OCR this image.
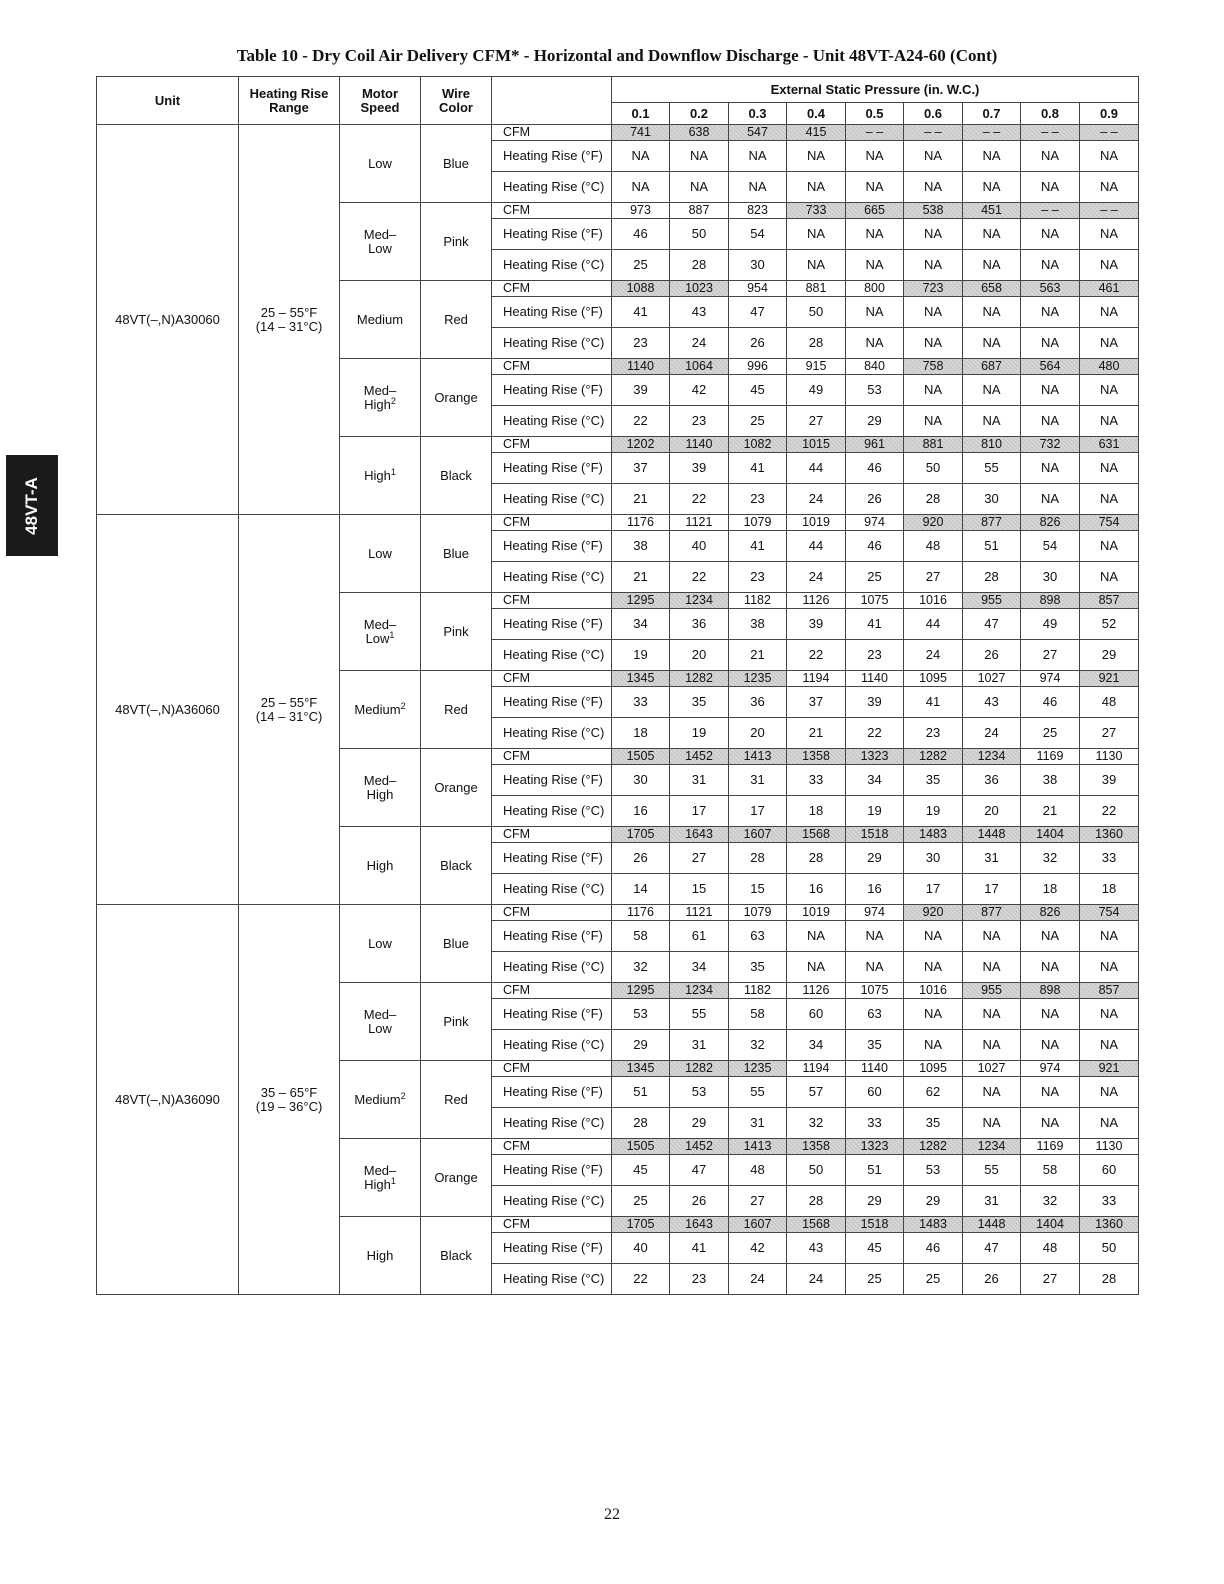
Table 10 - Dry Coil Air Delivery CFM* - Horizontal and Downflow Discharge - Unit 48VT-A24-60 (Cont)
48VT-A
Unit	Heating Rise Range	Motor Speed	Wire Color		External Static Pressure (in. W.C.)								
					0.1	0.2	0.3	0.4	0.5	0.6	0.7	0.8	0.9
48VT(–,N)A30060	25 – 55°F
(14 – 31°C)	Low	Blue	CFM	741	638	547	415	– –	– –	– –	– –	– –
				Heating Rise (°F)	NA	NA	NA	NA	NA	NA	NA	NA	NA
				Heating Rise (°C)	NA	NA	NA	NA	NA	NA	NA	NA	NA
		Med– Low	Pink	CFM	973	887	823	733	665	538	451	– –	– –
				Heating Rise (°F)	46	50	54	NA	NA	NA	NA	NA	NA
				Heating Rise (°C)	25	28	30	NA	NA	NA	NA	NA	NA
		Medium	Red	CFM	1088	1023	954	881	800	723	658	563	461
				Heating Rise (°F)	41	43	47	50	NA	NA	NA	NA	NA
				Heating Rise (°C)	23	24	26	28	NA	NA	NA	NA	NA
		Med– High$^2$	Orange	CFM	1140	1064	996	915	840	758	687	564	480
				Heating Rise (°F)	39	42	45	49	53	NA	NA	NA	NA
				Heating Rise (°C)	22	23	25	27	29	NA	NA	NA	NA
		High$^1$	Black	CFM	1202	1140	1082	1015	961	881	810	732	631
				Heating Rise (°F)	37	39	41	44	46	50	55	NA	NA
				Heating Rise (°C)	21	22	23	24	26	28	30	NA	NA
48VT(–,N)A36060	25 – 55°F
(14 – 31°C)	Low	Blue	CFM	1176	1121	1079	1019	974	920	877	826	754
				Heating Rise (°F)	38	40	41	44	46	48	51	54	NA
				Heating Rise (°C)	21	22	23	24	25	27	28	30	NA
		Med– Low$^1$	Pink	CFM	1295	1234	1182	1126	1075	1016	955	898	857
				Heating Rise (°F)	34	36	38	39	41	44	47	49	52
				Heating Rise (°C)	19	20	21	22	23	24	26	27	29
		Medium$^2$	Red	CFM	1345	1282	1235	1194	1140	1095	1027	974	921
				Heating Rise (°F)	33	35	36	37	39	41	43	46	48
				Heating Rise (°C)	18	19	20	21	22	23	24	25	27
		Med– High	Orange	CFM	1505	1452	1413	1358	1323	1282	1234	1169	1130
				Heating Rise (°F)	30	31	31	33	34	35	36	38	39
				Heating Rise (°C)	16	17	17	18	19	19	20	21	22
		High	Black	CFM	1705	1643	1607	1568	1518	1483	1448	1404	1360
				Heating Rise (°F)	26	27	28	28	29	30	31	32	33
				Heating Rise (°C)	14	15	15	16	16	17	17	18	18
48VT(–,N)A36090	35 – 65°F
(19 – 36°C)	Low	Blue	CFM	1176	1121	1079	1019	974	920	877	826	754
				Heating Rise (°F)	58	61	63	NA	NA	NA	NA	NA	NA
				Heating Rise (°C)	32	34	35	NA	NA	NA	NA	NA	NA
		Med– Low	Pink	CFM	1295	1234	1182	1126	1075	1016	955	898	857
				Heating Rise (°F)	53	55	58	60	63	NA	NA	NA	NA
				Heating Rise (°C)	29	31	32	34	35	NA	NA	NA	NA
		Medium$^2$	Red	CFM	1345	1282	1235	1194	1140	1095	1027	974	921
				Heating Rise (°F)	51	53	55	57	60	62	NA	NA	NA
				Heating Rise (°C)	28	29	31	32	33	35	NA	NA	NA
		Med– High$^1$	Orange	CFM	1505	1452	1413	1358	1323	1282	1234	1169	1130
				Heating Rise (°F)	45	47	48	50	51	53	55	58	60
				Heating Rise (°C)	25	26	27	28	29	29	31	32	33
		High	Black	CFM	1705	1643	1607	1568	1518	1483	1448	1404	1360
				Heating Rise (°F)	40	41	42	43	45	46	47	48	50
				Heating Rise (°C)	22	23	24	24	25	25	26	27	28
22
